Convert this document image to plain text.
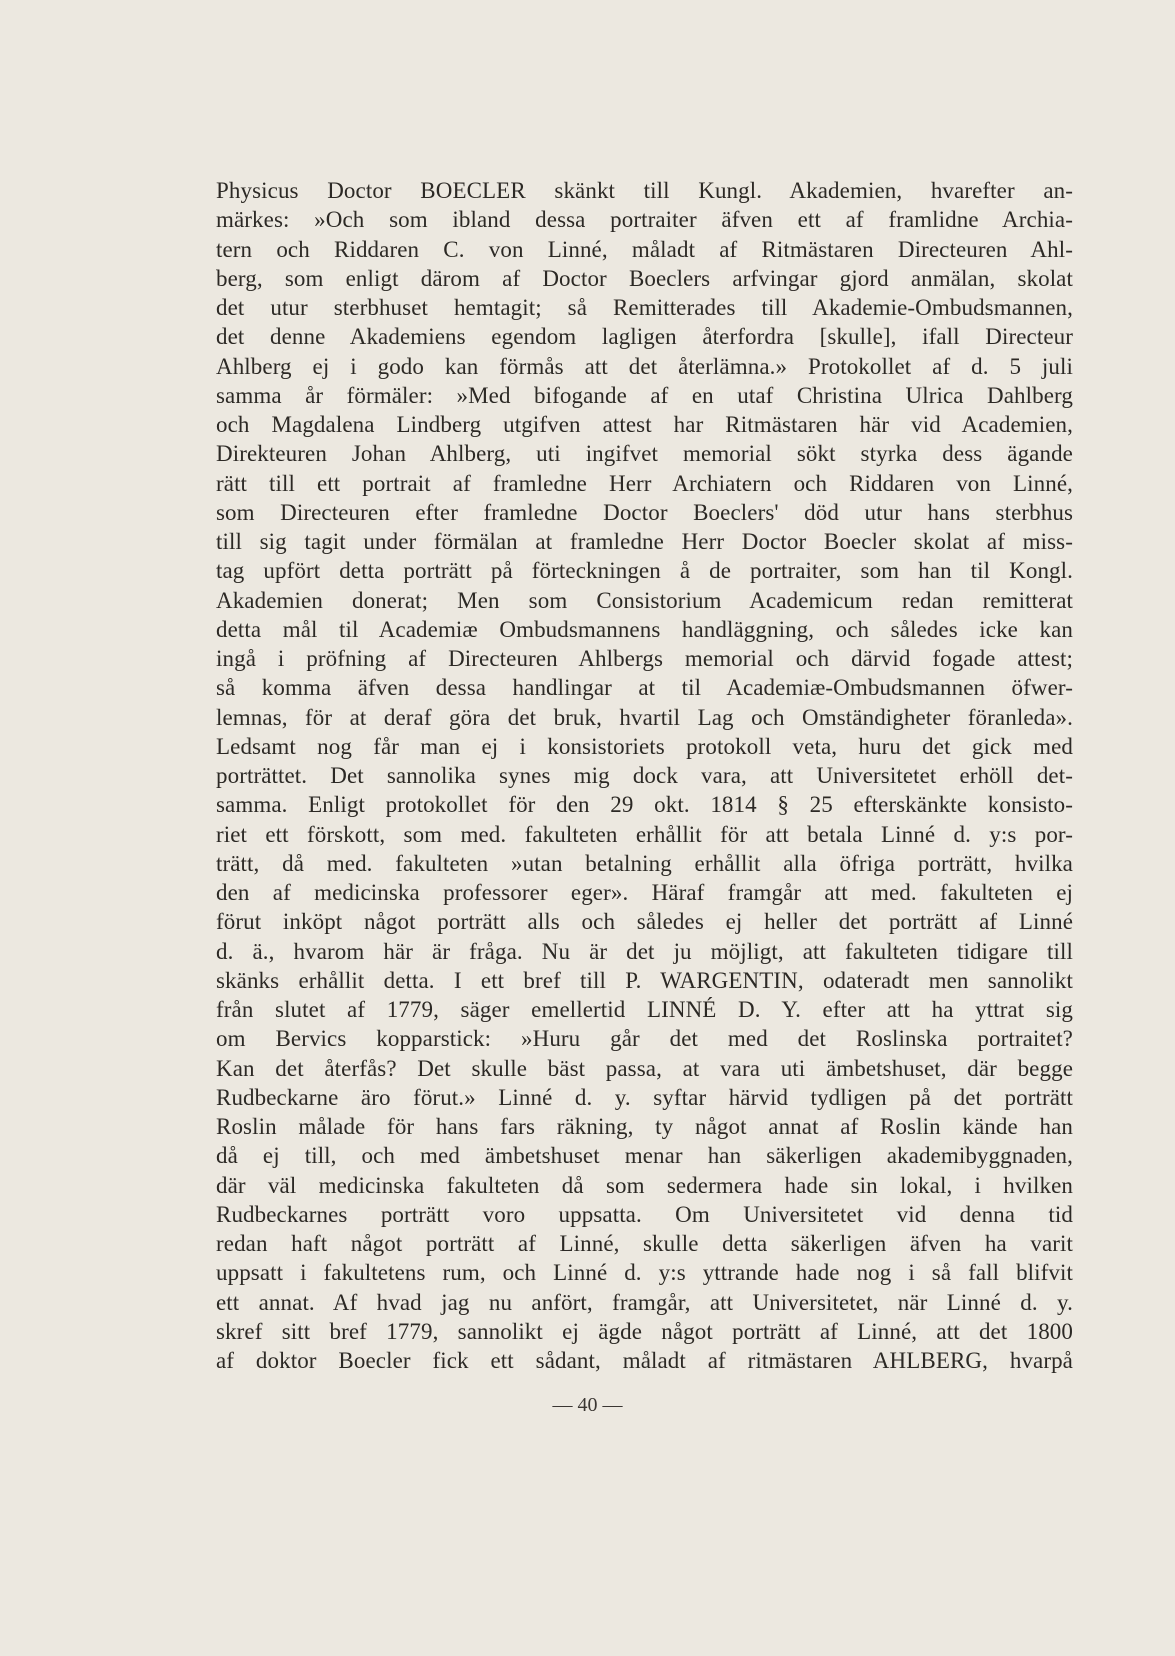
Physicus Doctor BOECLER skänkt till Kungl. Akademien, hvarefter an-
märkes: »Och som ibland dessa portraiter äfven ett af framlidne Archia-
tern och Riddaren C. von Linné, måladt af Ritmästaren Directeuren Ahl-
berg, som enligt därom af Doctor Boeclers arfvingar gjord anmälan, skolat
det utur sterbhuset hemtagit; så Remitterades till Akademie-Ombudsmannen,
det denne Akademiens egendom lagligen återfordra [skulle], ifall Directeur
Ahlberg ej i godo kan förmås att det återlämna.» Protokollet af d. 5 juli
samma år förmäler: »Med bifogande af en utaf Christina Ulrica Dahlberg
och Magdalena Lindberg utgifven attest har Ritmästaren här vid Academien,
Direkteuren Johan Ahlberg, uti ingifvet memorial sökt styrka dess ägande
rätt till ett portrait af framledne Herr Archiatern och Riddaren von Linné,
som Directeuren efter framledne Doctor Boeclers' död utur hans sterbhus
till sig tagit under förmälan at framledne Herr Doctor Boecler skolat af miss-
tag upfört detta porträtt på förteckningen å de portraiter, som han til Kongl.
Akademien donerat; Men som Consistorium Academicum redan remitterat
detta mål til Academiæ Ombudsmannens handläggning, och således icke kan
ingå i pröfning af Directeuren Ahlbergs memorial och därvid fogade attest;
så komma äfven dessa handlingar at til Academiæ-Ombudsmannen öfwer-
lemnas, för at deraf göra det bruk, hvartil Lag och Omständigheter föranleda».
Ledsamt nog får man ej i konsistoriets protokoll veta, huru det gick med
porträttet. Det sannolika synes mig dock vara, att Universitetet erhöll det-
samma. Enligt protokollet för den 29 okt. 1814 § 25 efterskänkte konsisto-
riet ett förskott, som med. fakulteten erhållit för att betala Linné d. y:s por-
trätt, då med. fakulteten »utan betalning erhållit alla öfriga porträtt, hvilka
den af medicinska professorer eger». Häraf framgår att med. fakulteten ej
förut inköpt något porträtt alls och således ej heller det porträtt af Linné
d. ä., hvarom här är fråga. Nu är det ju möjligt, att fakulteten tidigare till
skänks erhållit detta. I ett bref till P. WARGENTIN, odateradt men sannolikt
från slutet af 1779, säger emellertid LINNÉ D. Y. efter att ha yttrat sig
om Bervics kopparstick: »Huru går det med det Roslinska portraitet?
Kan det återfås? Det skulle bäst passa, at vara uti ämbetshuset, där begge
Rudbeckarne äro förut.» Linné d. y. syftar härvid tydligen på det porträtt
Roslin målade för hans fars räkning, ty något annat af Roslin kände han
då ej till, och med ämbetshuset menar han säkerligen akademibyggnaden,
där väl medicinska fakulteten då som sedermera hade sin lokal, i hvilken
Rudbeckarnes porträtt voro uppsatta. Om Universitetet vid denna tid
redan haft något porträtt af Linné, skulle detta säkerligen äfven ha varit
uppsatt i fakultetens rum, och Linné d. y:s yttrande hade nog i så fall blifvit
ett annat. Af hvad jag nu anfört, framgår, att Universitetet, när Linné d. y.
skref sitt bref 1779, sannolikt ej ägde något porträtt af Linné, att det 1800
af doktor Boecler fick ett sådant, måladt af ritmästaren AHLBERG, hvarpå
— 40 —
